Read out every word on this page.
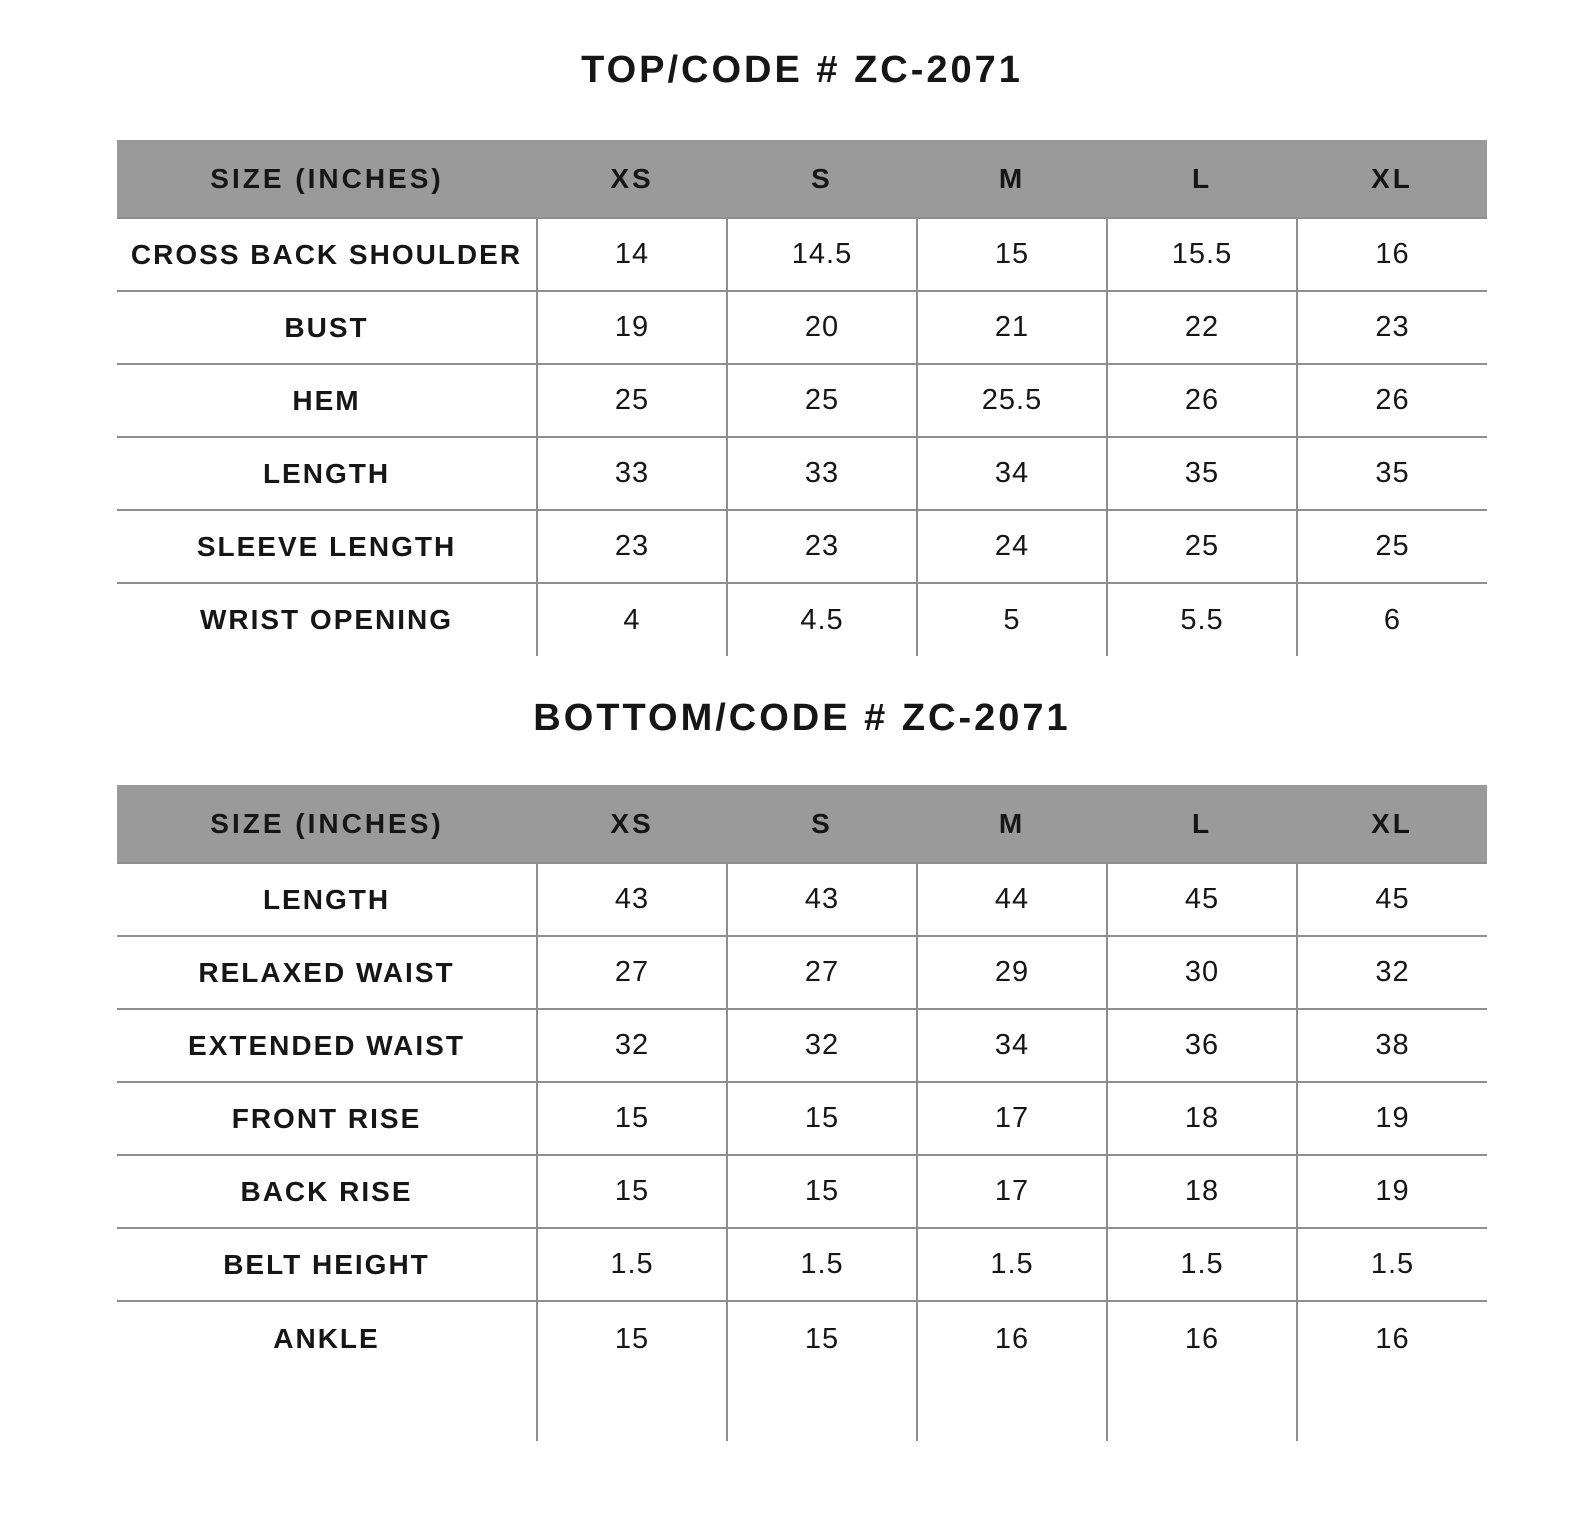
TOP/CODE # ZC-2071
SIZE (INCHES)	XS	S	M	L	XL
CROSS BACK SHOULDER	14	14.5	15	15.5	16
BUST	19	20	21	22	23
HEM	25	25	25.5	26	26
LENGTH	33	33	34	35	35
SLEEVE LENGTH	23	23	24	25	25
WRIST OPENING	4	4.5	5	5.5	6
BOTTOM/CODE # ZC-2071
SIZE (INCHES)	XS	S	M	L	XL
LENGTH	43	43	44	45	45
RELAXED WAIST	27	27	29	30	32
EXTENDED WAIST	32	32	34	36	38
FRONT RISE	15	15	17	18	19
BACK RISE	15	15	17	18	19
BELT HEIGHT	1.5	1.5	1.5	1.5	1.5
ANKLE	15	15	16	16	16
